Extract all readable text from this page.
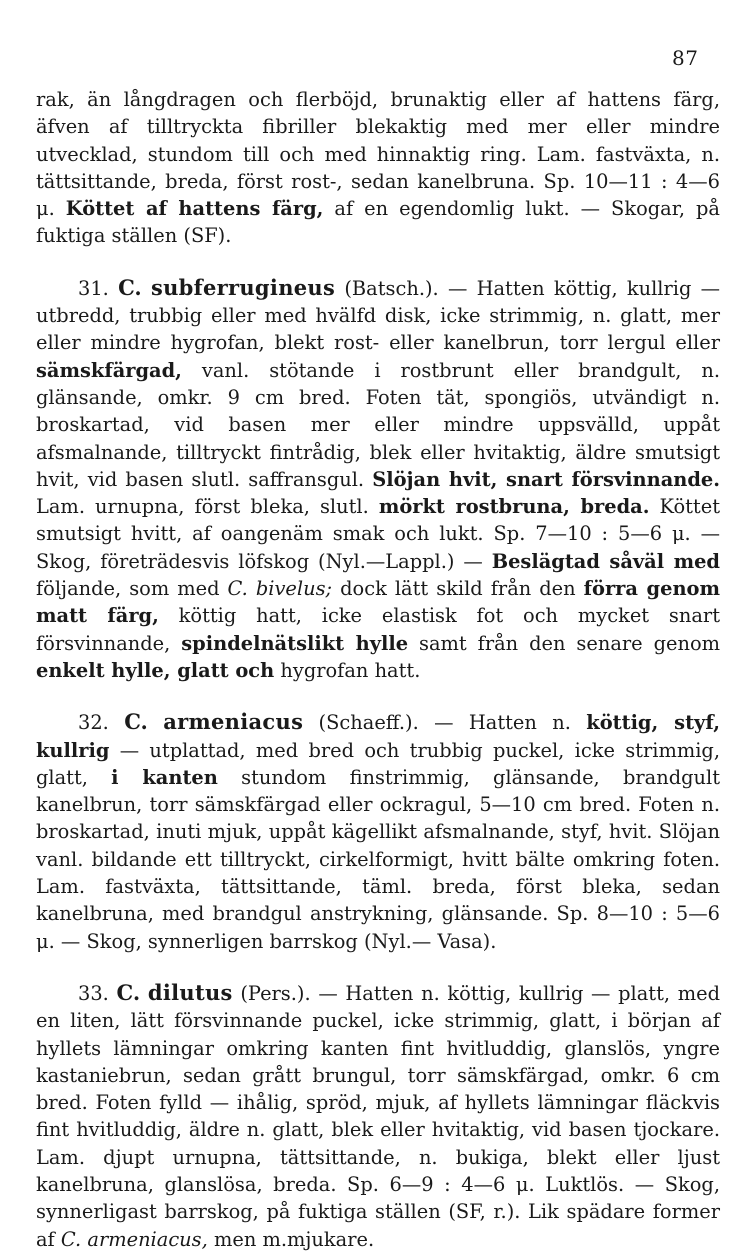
87

rak, än långdragen och flerböjd, brunaktig eller af hattens färg, äfven af tilltryckta fibriller blekaktig med mer eller mindre utvecklad, stundom till och med hinnaktig ring. Lam. fastväxta, n. tättsittande, breda, först rost-, sedan kanelbruna. Sp. 10—11 : 4—6 μ. Köttet af hattens färg, af en egendomlig lukt. — Skogar, på fuktiga ställen (SF).

31. C. subferrugineus (Batsch.). — Hatten köttig, kullrig — utbredd, trubbig eller med hvälfd disk, icke strimmig, n. glatt, mer eller mindre hygrofan, blekt rost- eller kanelbrun, torr lergul eller sämskfärgad, vanl. stötande i rostbrunt eller brandgult, n. glänsande, omkr. 9 cm bred. Foten tät, spongiös, utvändigt n. broskartad, vid basen mer eller mindre uppsvälld, uppåt afsmalnande, tilltryckt fintrådig, blek eller hvitaktig, äldre smutsigt hvit, vid basen slutl. saffransgul. Slöjan hvit, snart försvinnande. Lam. urnupna, först bleka, slutl. mörkt rostbruna, breda. Köttet smutsigt hvitt, af oangenäm smak och lukt. Sp. 7—10 : 5—6 μ. — Skog, företrädesvis löfskog (Nyl.—Lappl.) — Beslägtad såväl med följande, som med C. bivelus; dock lätt skild från den förra genom matt färg, köttig hatt, icke elastisk fot och mycket snart försvinnande, spindelnätslikt hylle samt från den senare genom enkelt hylle, glatt och hygrofan hatt.

32. C. armeniacus (Schaeff.). — Hatten n. köttig, styf, kullrig — utplattad, med bred och trubbig puckel, icke strimmig, glatt, i kanten stundom finstrimmig, glänsande, brandgult kanelbrun, torr sämskfärgad eller ockragul, 5—10 cm bred. Foten n. broskartad, inuti mjuk, uppåt kägellikt afsmalnande, styf, hvit. Slöjan vanl. bildande ett tilltryckt, cirkelformigt, hvitt bälte omkring foten. Lam. fastväxta, tättsittande, täml. breda, först bleka, sedan kanelbruna, med brandgul anstrykning, glänsande. Sp. 8—10 : 5—6 μ. — Skog, synnerligen barrskog (Nyl.— Vasa).

33. C. dilutus (Pers.). — Hatten n. köttig, kullrig — platt, med en liten, lätt försvinnande puckel, icke strimmig, glatt, i början af hyllets lämningar omkring kanten fint hvitluddig, glanslös, yngre kastaniebrun, sedan grått brungul, torr sämskfärgad, omkr. 6 cm bred. Foten fylld — ihålig, spröd, mjuk, af hyllets lämningar fläckvis fint hvitluddig, äldre n. glatt, blek eller hvitaktig, vid basen tjockare. Lam. djupt urnupna, tättsittande, n. bukiga, blekt eller ljust kanelbruna, glanslösa, breda. Sp. 6—9 : 4—6 μ. Luktlös. — Skog, synnerligast barrskog, på fuktiga ställen (SF, r.). Lik spädare former af C. armeniacus, men m.mjukare.
